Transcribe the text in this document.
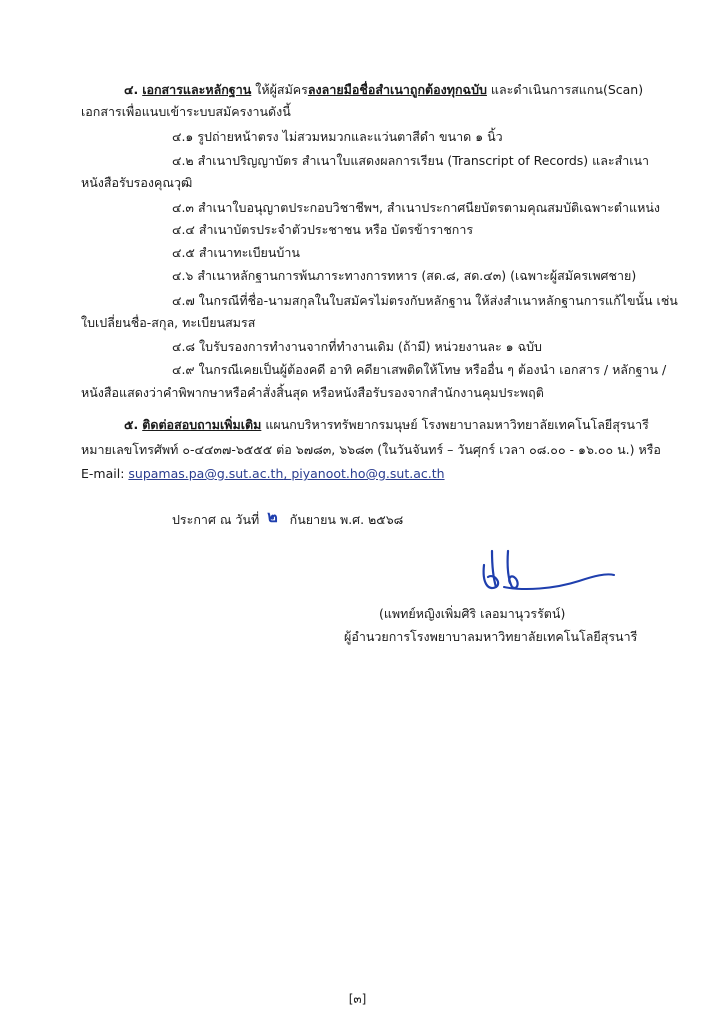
๔. เอกสารและหลักฐาน ให้ผู้สมัครลงลายมือชื่อสำเนาถูกต้องทุกฉบับ และดำเนินการสแกน(Scan)
เอกสารเพื่อแนบเข้าระบบสมัครงานดังนี้
๔.๑ รูปถ่ายหน้าตรง ไม่สวมหมวกและแว่นตาสีดำ ขนาด ๑ นิ้ว
๔.๒ สำเนาปริญญาบัตร สำเนาใบแสดงผลการเรียน (Transcript of Records) และสำเนา
หนังสือรับรองคุณวุฒิ
๔.๓ สำเนาใบอนุญาตประกอบวิชาชีพฯ, สำเนาประกาศนียบัตรตามคุณสมบัติเฉพาะตำแหน่ง
๔.๔ สำเนาบัตรประจำตัวประชาชน หรือ บัตรข้าราชการ
๔.๕ สำเนาทะเบียนบ้าน
๔.๖ สำเนาหลักฐานการพ้นภาระทางการทหาร (สด.๘, สด.๔๓) (เฉพาะผู้สมัครเพศชาย)
๔.๗ ในกรณีที่ชื่อ-นามสกุลในใบสมัครไม่ตรงกับหลักฐาน ให้ส่งสำเนาหลักฐานการแก้ไขนั้น เช่น
ใบเปลี่ยนชื่อ-สกุล, ทะเบียนสมรส
๔.๘ ใบรับรองการทำงานจากที่ทำงานเดิม (ถ้ามี) หน่วยงานละ ๑ ฉบับ
๔.๙ ในกรณีเคยเป็นผู้ต้องคดี อาทิ คดียาเสพติดให้โทษ หรืออื่น ๆ ต้องนำ เอกสาร / หลักฐาน /
หนังสือแสดงว่าคำพิพากษาหรือคำสั่งสิ้นสุด หรือหนังสือรับรองจากสำนักงานคุมประพฤติ
๕. ติดต่อสอบถามเพิ่มเติม แผนกบริหารทรัพยากรมนุษย์ โรงพยาบาลมหาวิทยาลัยเทคโนโลยีสุรนารี
หมายเลขโทรศัพท์ ๐-๔๔๓๗-๖๕๕๕ ต่อ ๖๗๘๓, ๖๖๘๓ (ในวันจันทร์ – วันศุกร์ เวลา ๐๘.๐๐ - ๑๖.๐๐ น.) หรือ
E-mail: supamas.pa@g.sut.ac.th, piyanoot.ho@g.sut.ac.th
ประกาศ ณ วันที่ ๒ กันยายน พ.ศ. ๒๕๖๘
(แพทย์หญิงเพิ่มศิริ เลอมานุวรรัตน์)
ผู้อำนวยการโรงพยาบาลมหาวิทยาลัยเทคโนโลยีสุรนารี
[๓]
